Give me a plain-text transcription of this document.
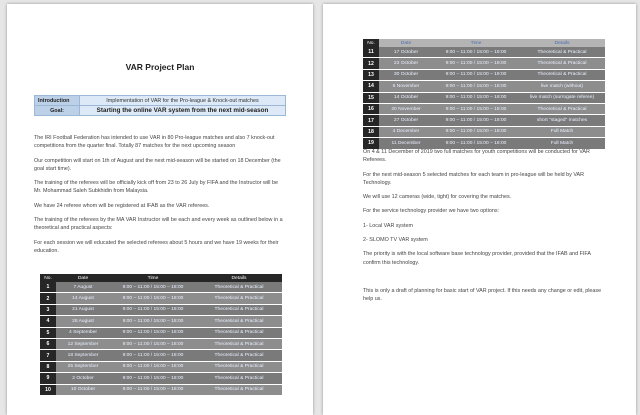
VAR Project Plan
Introduction	Implementation of VAR for the Pro-league & Knock-out matches
Goal:	Starting the online VAR system from the next mid-season

The IRI Football Federation has intended to use VAR in 80 Pro-league matches and also 7 knock-out competitions from the quarter final. Totally 87 matches for the next upcoming season

Our competition will start on 1th of August and the next mid-season will be started on 18 December (the goal start time).

The training of the referees will be officially kick off from 23 to 26 July by FIFA and the Instructor will be Mr. Mohammad Saleh Subkhidin from Malaysia.

We have 24 referee whom will be registered at IFAB as the VAR referees.

The training of the referees by the MA VAR Instructor will be each and every week as outlined below in a theoretical and practical aspects:

For each session we will educated the selected referees about 5 hours and we have 19 weeks for their education.

No.	Date	Time	Details
1	7 August	9:00 – 11:00 / 15:00 – 18:00	Theoretical & Practical
2	14 August	9:00 – 11:00 / 15:00 – 18:00	Theoretical & Practical
3	21 August	9:00 – 11:00 / 15:00 – 18:00	Theoretical & Practical
4	28 August	9:00 – 11:00 / 15:00 – 18:00	Theoretical & Practical
5	4 September	9:00 – 11:00 / 15:00 – 18:00	Theoretical & Practical
6	12 September	9:00 – 11:00 / 15:00 – 18:00	Theoretical & Practical
7	18 September	9:00 – 11:00 / 15:00 – 18:00	Theoretical & Practical
8	25 September	9:00 – 11:00 / 15:00 – 18:00	Theoretical & Practical
9	2 October	9:00 – 11:00 / 15:00 – 18:00	Theoretical & Practical
10	10 October	9:00 – 11:00 / 15:00 – 18:00	Theoretical & Practical
No.	Date	Time	Details
11	17 October	9:00 – 11:00 / 15:00 – 18:00	Theoretical & Practical
12	23 October	9:00 – 11:00 / 15:00 – 18:00	Theoretical & Practical
13	30 October	9:00 – 11:00 / 15:00 – 18:00	Theoretical & Practical
14	6 November	9:00 – 11:00 / 15:00 – 18:00	live match (without)
15	14 October	9:00 – 11:00 / 15:00 – 18:00	live match (surrogate referee)
16	20 November	9:00 – 11:00 / 15:00 – 18:00	Theoretical & Practical
17	27 October	9:00 – 11:00 / 15:00 – 18:00	short "staged" matches
18	4 December	9:00 – 11:00 / 15:00 – 18:00	Full Match
19	11 December	9:00 – 11:00 / 15:00 – 18:00	Full Match

On 4 & 11 December of 2019 two full matches for youth competitions will be conducted for VAR Referees.

For the next mid-season 5 selected matches for each team in pro-league will be held by VAR Technology.

We will use 12 cameras (wide, tight) for covering the matches.

For the service technology provider we have two options:

1- Local VAR system

2- SLOMO TV VAR system

The priority is with the local software base technology provider, provided that the IFAB and FIFA confirm this technology.

This is only a draft of planning for basic start of VAR project. If this needs any change or edit, please help us.
